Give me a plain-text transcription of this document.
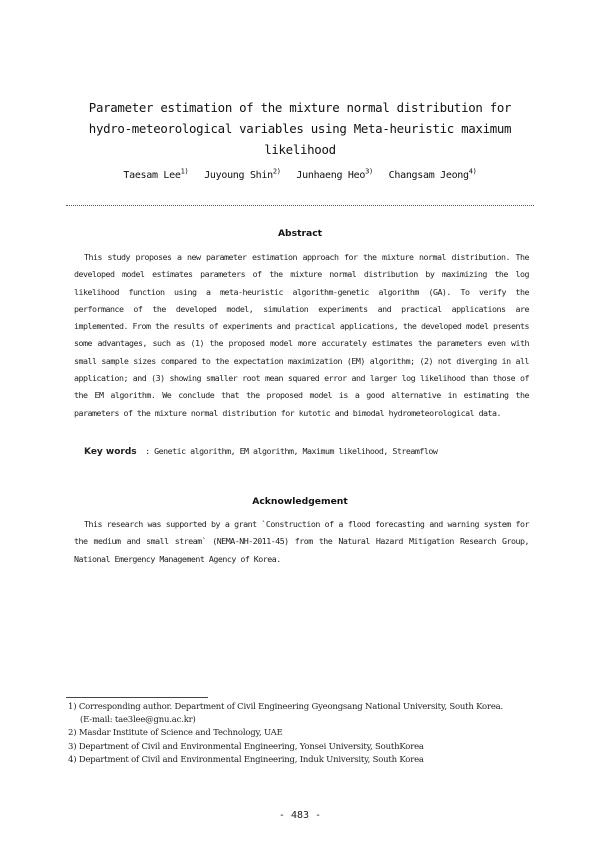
Parameter estimation of the mixture normal distribution for
hydro-meteorological variables using Meta-heuristic maximum likelihood
Taesam Lee$^{1)}$ Juyoung Shin$^{2)}$ Junhaeng Heo$^{3)}$ Changsam Jeong$^{4)}$
Abstract
This study proposes a new parameter estimation approach for the mixture normal distribution. The developed model estimates parameters of the mixture normal distribution by maximizing the log likelihood function using a meta-heuristic algorithm-genetic algorithm (GA). To verify the performance of the developed model, simulation experiments and practical applications are implemented. From the results of experiments and practical applications, the developed model presents some advantages, such as (1) the proposed model more accurately estimates the parameters even with small sample sizes compared to the expectation maximization (EM) algorithm; (2) not diverging in all application; and (3) showing smaller root mean squared error and larger log likelihood than those of the EM algorithm. We conclude that the proposed model is a good alternative in estimating the parameters of the mixture normal distribution for kutotic and bimodal hydrometeorological data.
Key words : Genetic algorithm, EM algorithm, Maximum likelihood, Streamflow
Acknowledgement
This research was supported by a grant `Construction of a flood forecasting and warning system for the medium and small stream` (NEMA-NH-2011-45) from the Natural Hazard Mitigation Research Group, National Emergency Management Agency of Korea.
1) Corresponding author. Department of Civil Engineering Gyeongsang National University, South Korea.
(E-mail: tae3lee@gnu.ac.kr)
2) Masdar Institute of Science and Technology, UAE
3) Department of Civil and Environmental Engineering, Yonsei University, SouthKorea
4) Department of Civil and Environmental Engineering, Induk University, South Korea
- 483 -
